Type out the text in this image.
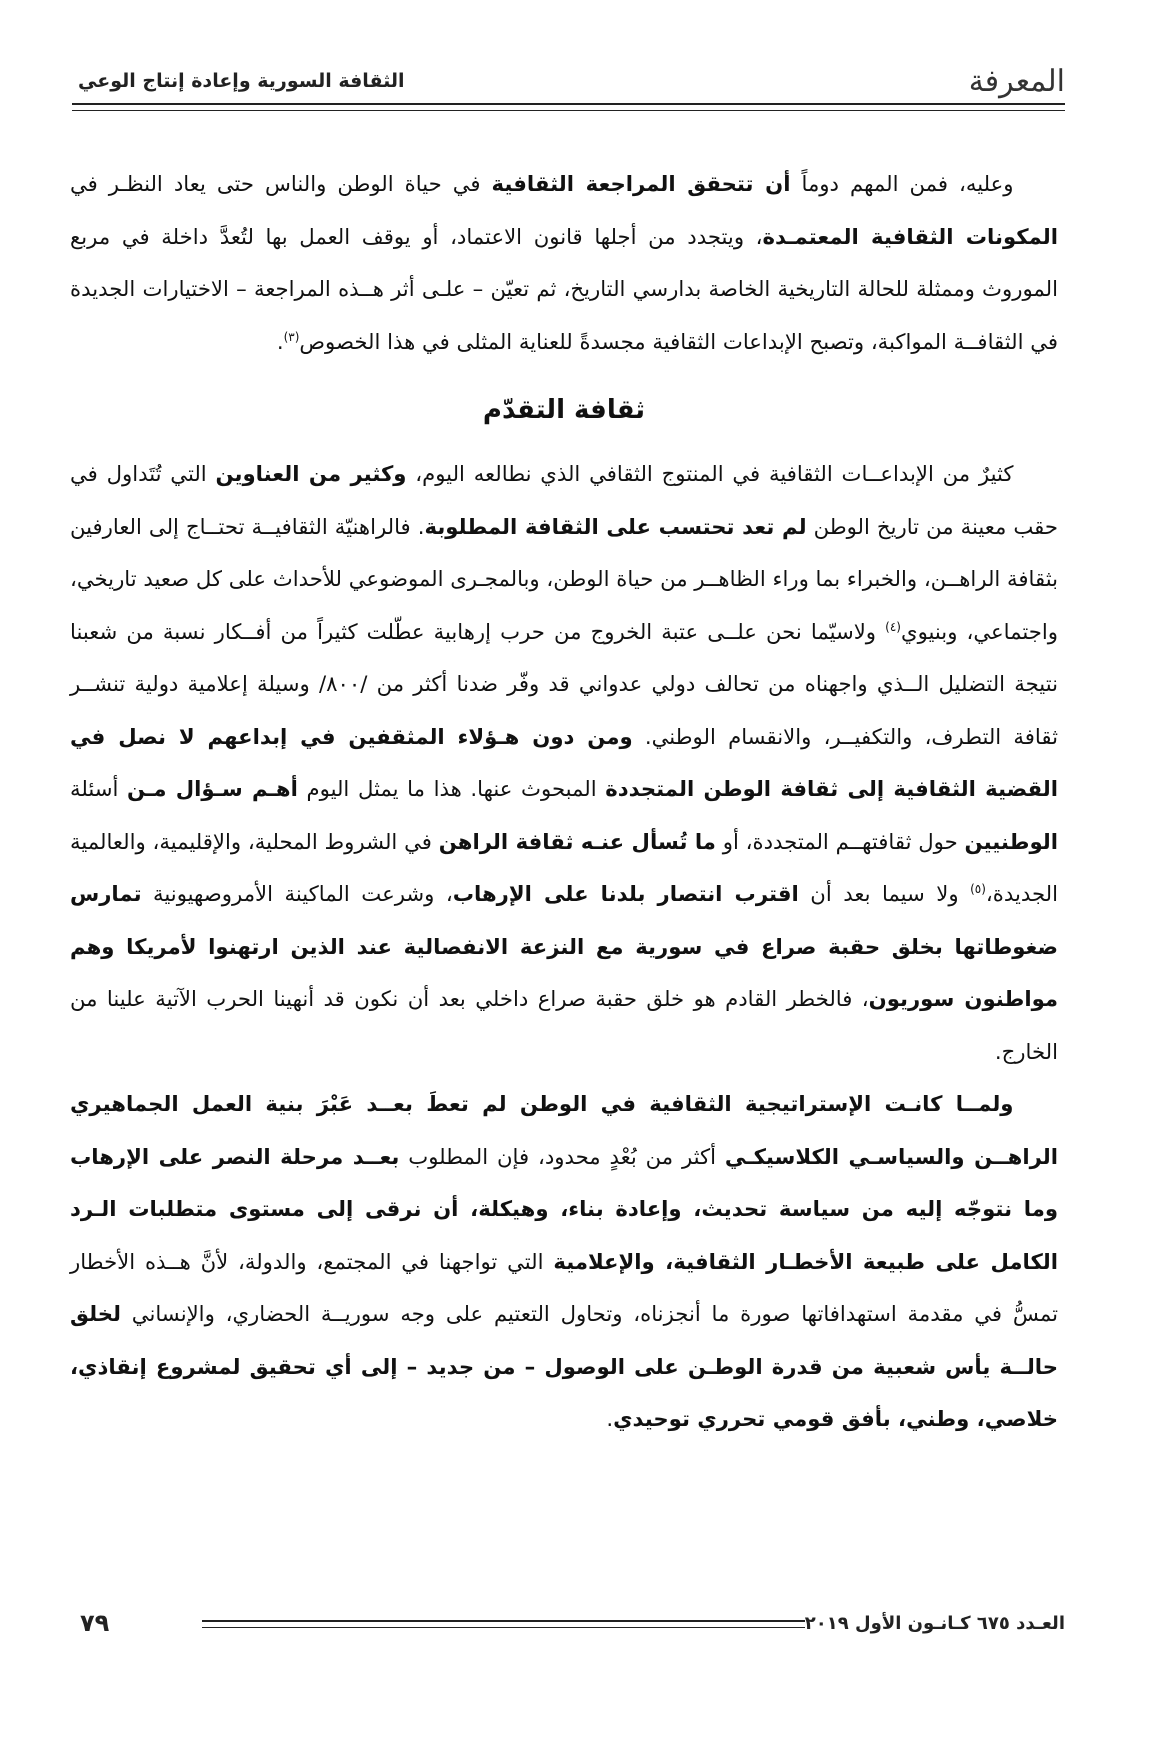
المعرفة
الثقافة السورية وإعادة إنتاج الوعي

وعليه، فمن المهم دوماً أن تتحقق المراجعة الثقافية في حياة الوطن والناس حتى يعاد النظـر في المكونات الثقافية المعتمـدة، ويتجدد من أجلها قانون الاعتماد، أو يوقف العمل بها لتُعدَّ داخلة في مربع الموروث وممثلة للحالة التاريخية الخاصة بدارسي التاريخ، ثم تعيّن – علـى أثر هــذه المراجعة – الاختيارات الجديدة في الثقافــة المواكبة، وتصبح الإبداعات الثقافية مجسدةً للعناية المثلى في هذا الخصوص$^{(٣)}$.

ثقافة التقدّم

كثيرٌ من الإبداعــات الثقافية في المنتوج الثقافي الذي نطالعه اليوم، وكثير من العناوين التي تُتَداول في حقب معينة من تاريخ الوطن لم تعد تحتسب على الثقافة المطلوبة. فالراهنيّة الثقافيــة تحتــاج إلى العارفين بثقافة الراهــن، والخبراء بما وراء الظاهــر من حياة الوطن، وبالمجـرى الموضوعي للأحداث على كل صعيد تاريخي، واجتماعي، وبنيوي$^{(٤)}$ ولاسيّما نحن علــى عتبة الخروج من حرب إرهابية عطّلت كثيراً من أفــكار نسبة من شعبنا نتيجة التضليل الــذي واجهناه من تحالف دولي عدواني قد وفّر ضدنا أكثر من /٨٠٠/ وسيلة إعلامية دولية تنشــر ثقافة التطرف، والتكفيــر، والانقسام الوطني. ومن دون هـؤلاء المثقفين في إبداعهم لا نصل في القضية الثقافية إلى ثقافة الوطن المتجددة المبحوث عنها. هذا ما يمثل اليوم أهـم سـؤال مـن أسئلة الوطنيين حول ثقافتهــم المتجددة، أو ما تُسأل عنـه ثقافة الراهن في الشروط المحلية، والإقليمية، والعالمية الجديدة،$^{(٥)}$ ولا سيما بعد أن اقترب انتصار بلدنا على الإرهاب، وشرعت الماكينة الأمروصهيونية تمارس ضغوطاتها بخلق حقبة صراع في سورية مع النزعة الانفصالية عند الذين ارتهنوا لأمريكا وهم مواطنون سوريون، فالخطر القادم هو خلق حقبة صراع داخلي بعد أن نكون قد أنهينا الحرب الآتية علينا من الخارج.

ولمــا كانـت الإستراتيجية الثقافية في الوطن لم تعطَ بعــد عَبْرَ بنية العمل الجماهيري الراهــن والسياسـي الكلاسيكـي أكثر من بُعْدٍ محدود، فإن المطلوب بعــد مرحلة النصر على الإرهاب وما نتوجّه إليه من سياسة تحديث، وإعادة بناء، وهيكلة، أن نرقى إلى مستوى متطلبات الـرد الكامل على طبيعة الأخطـار الثقافية، والإعلامية التي تواجهنا في المجتمع، والدولة، لأنَّ هــذه الأخطار تمسُّ في مقدمة استهدافاتها صورة ما أنجزناه، وتحاول التعتيم على وجه سوريــة الحضاري، والإنساني لخلق حالــة يأس شعبية من قدرة الوطـن على الوصول – من جديد – إلى أي تحقيق لمشروع إنقاذي، خلاصي، وطني، بأفق قومي تحرري توحيدي.

العـدد ٦٧٥ كـانـون الأول ٢٠١٩
٧٩
